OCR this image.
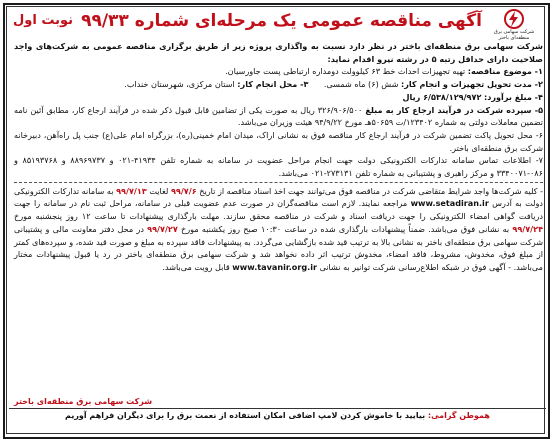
شرکت سهامی برق منطقه‌ای باختر
آگهی مناقصه عمومی یک مرحله‌ای شماره ۹۹/۳۳
نوبت اول

شرکت سهامی برق منطقه‌ای باختر در نظر دارد نسبت به واگذاری پروژه زیر از طریق برگزاری مناقصه عمومی به شرکت‌های واجد صلاحیت دارای حداقل رتبه ۵ در رشته نیرو اقدام نماید:

۱- موضوع مناقصه: تهیه تجهیزات احداث خط ۶۳ کیلوولت دومداره ارتباطی پست جاورسیان.

۲- مدت تحویل تجهیزات و انجام کار: شش (۶) ماه شمسی.      ۳- محل انجام کار: استان مرکزی، شهرستان خنداب.

۴- مبلغ برآورد: ۶/۵۳۸/۱۲۹/۹۷۲ ریال

۵- سپرده شرکت در فرآیند ارجاع کار به مبلغ ۳۲۶/۹۰۶/۵۰۰ ریال به صورت یکی از تضامین قابل قبول ذکر شده در فرآیند ارجاع کار، مطابق آئین نامه تضمین معاملات دولتی به شماره ۱۲۳۴۰۲/ت ۵۰۶۵۹هـ مورخ ۹۴/۹/۲۲ هیئت وزیران می‌باشد.

۶- محل تحویل پاکت تضمین شرکت در فرآیند ارجاع کار مناقصه فوق به نشانی اراک، میدان امام خمینی(ره)، بزرگراه امام علی(ع) جنب پل راه‌آهن، دبیرخانه شرکت برق منطقه‌ای باختر.

۷- اطلاعات تماس سامانه تدارکات الکترونیکی دولت جهت انجام مراحل عضویت در سامانه به شماره تلفن ۴۱۹۳۴-۰۲۱ و ۸۸۹۶۹۷۳۷ و ۸۵۱۹۳۷۶۸ و ۰۸۶-۳۳۴۰۰۷۱ و مرکز راهبری و پشتیبانی به شماره تلفن ۲۷۳۱۳۱-۰۲۱ می‌باشد.

- کلیه شرکت‌ها واجد شرایط متقاضی شرکت در مناقصه فوق می‌توانند جهت اخذ اسناد مناقصه از تاریخ ۹۹/۷/۶ لغایت ۹۹/۷/۱۳ به سامانه تدارکات الکترونیکی دولت به آدرس www.setadiran.ir مراجعه نمایند. لازم است مناقصه‌گران در صورت عدم عضویت قبلی در سامانه، مراحل ثبت نام در سامانه را جهت دریافت گواهی امضاء الکترونیکی را جهت دریافت اسناد و شرکت در مناقصه محقق سازند. مهلت بارگذاری پیشنهادات تا ساعت ۱۲ روز پنجشنبه مورخ ۹۹/۷/۲۴ به نشانی فوق می‌باشد. ضمناً پیشنهادات بارگذاری شده در ساعت ۱۰:۳۰ صبح روز یکشنبه مورخ ۹۹/۷/۲۷ در محل دفتر معاونت مالی و پشتیبانی شرکت سهامی برق منطقه‌ای باختر به نشانی بالا به ترتیب قید شده بازگشایی می‌گردد. به پیشنهادات فاقد سپرده به مبلغ و صورت قید شده، و سپرده‌های کمتر از مبلغ فوق، مخدوش، مشروط، فاقد امضاء، مخدوش ترتیب اثر داده نخواهد شد و شرکت سهامی برق منطقه‌ای باختر در رد یا قبول پیشنهادات مختار می‌باشد. - آگهی فوق در شبکه اطلاع‌رسانی شرکت توانیر به نشانی www.tavanir.org.ir قابل رویت می‌باشد.

شرکت سهامی برق منطقه‌ای باختر
هموطن گرامی: بیایید با خاموش کردن لامپ اضافی امکان استفاده از نعمت برق را برای دیگران فراهم آوریم
